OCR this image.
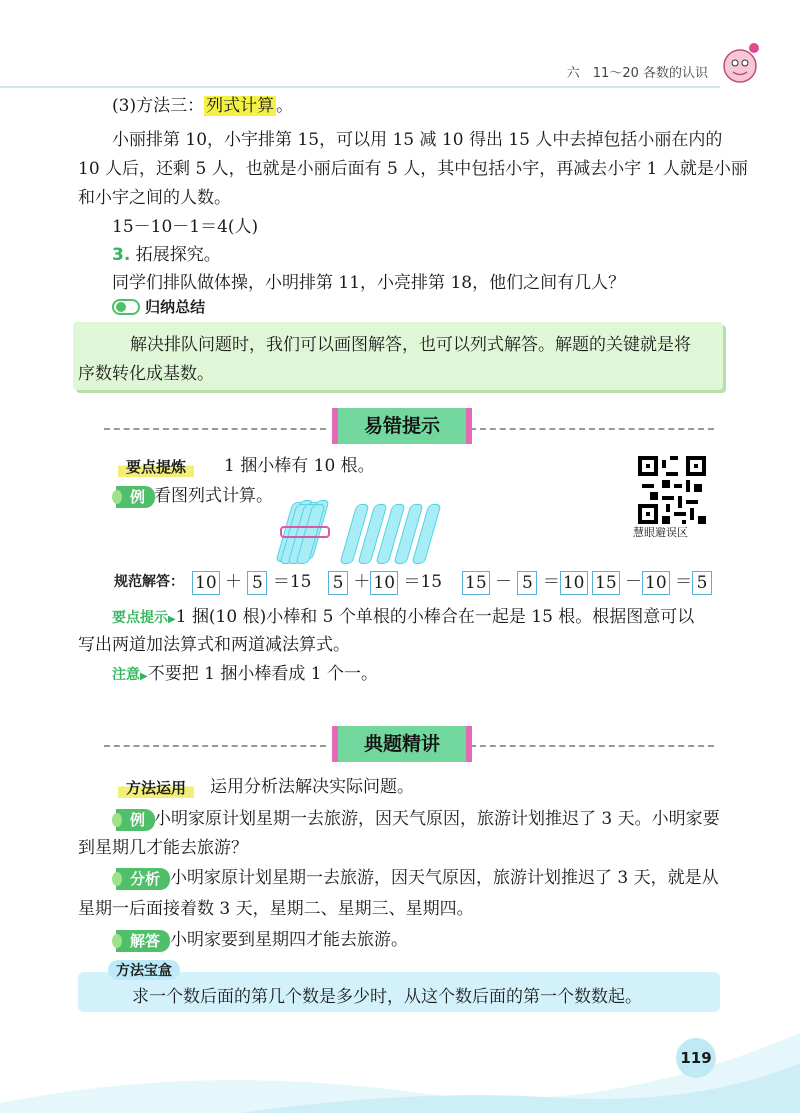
六　11～20 各数的认识
(3)方法三： 列式计算 。
小丽排第 10，小宇排第 15，可以用 15 减 10 得出 15 人中去掉包括小丽在内的
10 人后，还剩 5 人，也就是小丽后面有 5 人，其中包括小宇，再减去小宇 1 人就是小丽
和小宇之间的人数。
15－10－1＝4(人)
3. 拓展探究。
同学们排队做体操，小明排第 11，小亮排第 18，他们之间有几人？
归纳总结
解决排队问题时，我们可以画图解答，也可以列式解答。解题的关键就是将
序数转化成基数。
易错提示
要点提炼	1 捆小棒有 10 根。
例 看图列式计算。
慧眼避误区
规范解答： 10 ＋ 5 ＝15 5 ＋ 10 ＝15 15 － 5 ＝ 10 15 － 10 ＝ 5
要点提示▶1 捆(10 根)小棒和 5 个单根的小棒合在一起是 15 根。根据图意可以
写出两道加法算式和两道减法算式。
注意▶不要把 1 捆小棒看成 1 个一。
典题精讲
方法运用	运用分析法解决实际问题。
例 小明家原计划星期一去旅游，因天气原因，旅游计划推迟了 3 天。小明家要
到星期几才能去旅游？
分析 小明家原计划星期一去旅游，因天气原因，旅游计划推迟了 3 天，就是从
星期一后面接着数 3 天，星期二、星期三、星期四。
解答 小明家要到星期四才能去旅游。
方法宝盒
求一个数后面的第几个数是多少时，从这个数后面的第一个数数起。
119
